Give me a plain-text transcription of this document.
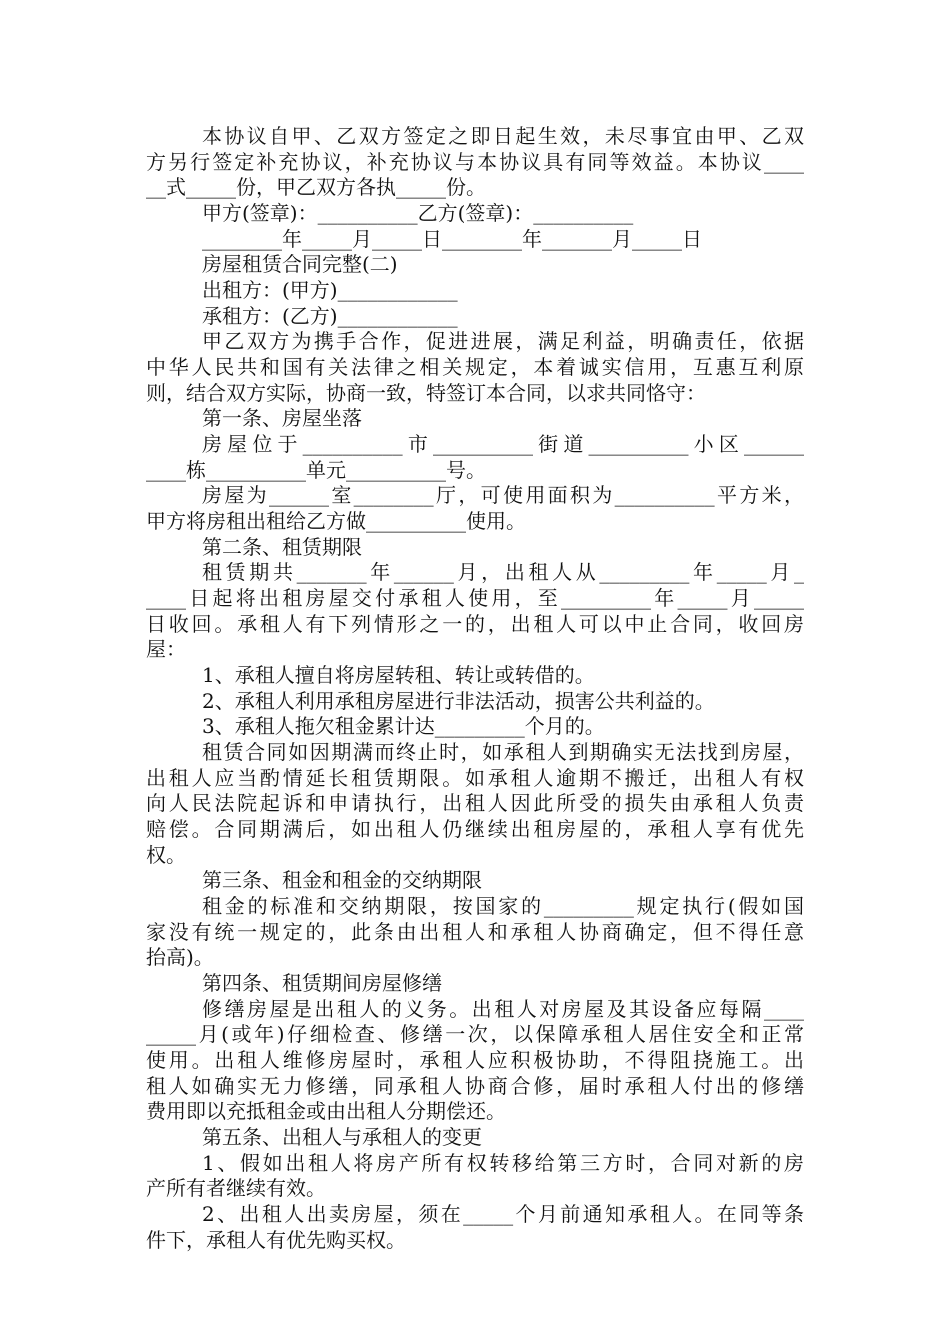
本协议自甲、乙双方签定之即日起生效，未尽事宜由甲、乙双
方另行签定补充协议，补充协议与本协议具有同等效益。本协议____
__式_____份，甲乙双方各执_____份。
甲方(签章)：__________乙方(签章)：__________
________年_____月_____日________年_______月_____日
房屋租赁合同完整(二)
出租方：(甲方)____________
承租方：(乙方)____________
甲乙双方为携手合作，促进进展，满足利益，明确责任，依据
中华人民共和国有关法律之相关规定，本着诚实信用，互惠互利原
则，结合双方实际，协商一致，特签订本合同，以求共同恪守：
第一条、房屋坐落
房屋位于__________市__________街道__________小区______
____栋__________单元__________号。
房屋为______室________厅，可使用面积为__________平方米，
甲方将房租出租给乙方做__________使用。
第二条、租赁期限
租赁期共_______年______月，出租人从_________年_____月_
____日起将出租房屋交付承租人使用，至_________年_____月_____
日收回。承租人有下列情形之一的，出租人可以中止合同，收回房
屋：
1、承租人擅自将房屋转租、转让或转借的。
2、承租人利用承租房屋进行非法活动，损害公共利益的。
3、承租人拖欠租金累计达_________个月的。
租赁合同如因期满而终止时，如承租人到期确实无法找到房屋，
出租人应当酌情延长租赁期限。如承租人逾期不搬迁，出租人有权
向人民法院起诉和申请执行，出租人因此所受的损失由承租人负责
赔偿。合同期满后，如出租人仍继续出租房屋的，承租人享有优先
权。
第三条、租金和租金的交纳期限
租金的标准和交纳期限，按国家的_________规定执行(假如国
家没有统一规定的，此条由出租人和承租人协商确定，但不得任意
抬高)。
第四条、租赁期间房屋修缮
修缮房屋是出租人的义务。出租人对房屋及其设备应每隔____
_____月(或年)仔细检查、修缮一次，以保障承租人居住安全和正常
使用。出租人维修房屋时，承租人应积极协助，不得阻挠施工。出
租人如确实无力修缮，同承租人协商合修，届时承租人付出的修缮
费用即以充抵租金或由出租人分期偿还。
第五条、出租人与承租人的变更
1、假如出租人将房产所有权转移给第三方时，合同对新的房
产所有者继续有效。
2、出租人出卖房屋，须在_____个月前通知承租人。在同等条
件下，承租人有优先购买权。
